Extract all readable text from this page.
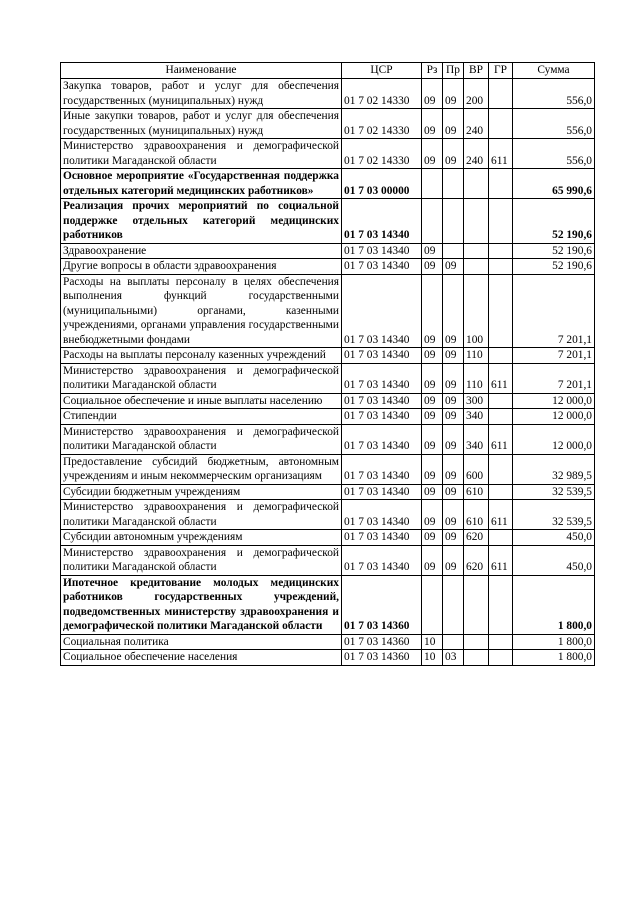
Наименование	ЦСР	Рз	Пр	ВР	ГР	Сумма
Закупка товаров, работ и услуг для обеспечения государственных (муниципальных) нужд	01 7 02 14330	09	09	200		556,0
Иные закупки товаров, работ и услуг для обеспечения государственных (муниципальных) нужд	01 7 02 14330	09	09	240		556,0
Министерство здравоохранения и демографической политики Магаданской области	01 7 02 14330	09	09	240	611	556,0
Основное мероприятие «Государственная поддержка отдельных категорий медицинских работников»	01 7 03 00000					65 990,6
Реализация прочих мероприятий по социальной поддержке отдельных категорий медицинских работников	01 7 03 14340					52 190,6
Здравоохранение	01 7 03 14340	09				52 190,6
Другие вопросы в области здравоохранения	01 7 03 14340	09	09			52 190,6
Расходы на выплаты персоналу в целях обеспечения выполнения функций государственными (муниципальными) органами, казенными учреждениями, органами управления государственными внебюджетными фондами	01 7 03 14340	09	09	100		7 201,1
Расходы на выплаты персоналу казенных учреждений	01 7 03 14340	09	09	110		7 201,1
Министерство здравоохранения и демографической политики Магаданской области	01 7 03 14340	09	09	110	611	7 201,1
Социальное обеспечение и иные выплаты населению	01 7 03 14340	09	09	300		12 000,0
Стипендии	01 7 03 14340	09	09	340		12 000,0
Министерство здравоохранения и демографической политики Магаданской области	01 7 03 14340	09	09	340	611	12 000,0
Предоставление субсидий бюджетным, автономным учреждениям и иным некоммерческим организациям	01 7 03 14340	09	09	600		32 989,5
Субсидии бюджетным учреждениям	01 7 03 14340	09	09	610		32 539,5
Министерство здравоохранения и демографической политики Магаданской области	01 7 03 14340	09	09	610	611	32 539,5
Субсидии автономным учреждениям	01 7 03 14340	09	09	620		450,0
Министерство здравоохранения и демографической политики Магаданской области	01 7 03 14340	09	09	620	611	450,0
Ипотечное кредитование молодых медицинских работников государственных учреждений, подведомственных министерству здравоохранения и демографической политики Магаданской области	01 7 03 14360					1 800,0
Социальная политика	01 7 03 14360	10				1 800,0
Социальное обеспечение населения	01 7 03 14360	10	03			1 800,0
